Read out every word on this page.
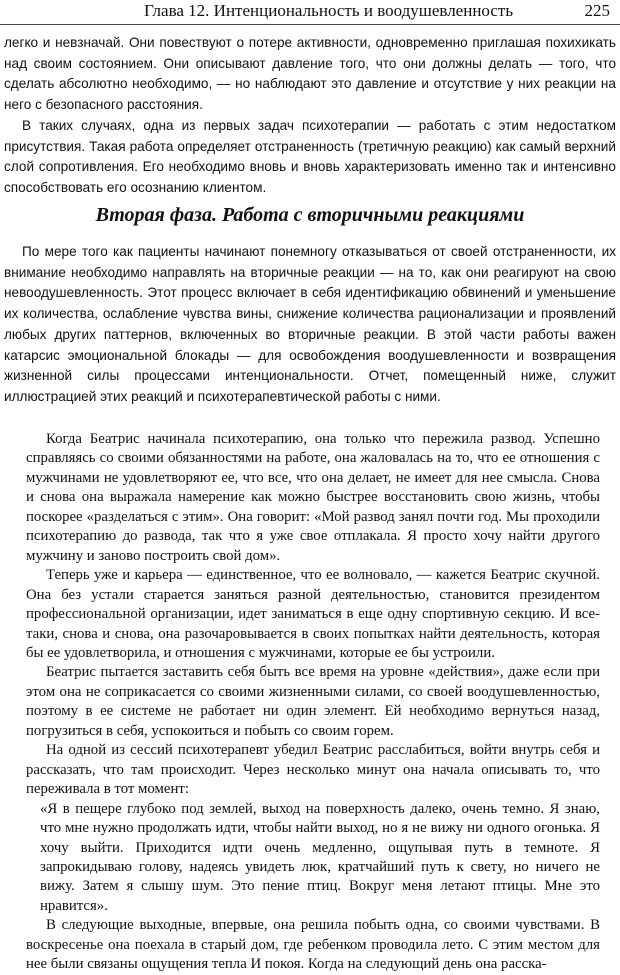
Глава 12. Интенциональность и воодушевленность	225

легко и невзначай. Они повествуют о потере активности, одновременно приглашая похихикать над своим состоянием. Они описывают давление того, что они должны делать — того, что сделать абсолютно необходимо, — но наблюдают это давление и отсутствие у них реакции на него с безопасного расстояния.

В таких случаях, одна из первых задач психотерапии — работать с этим недостатком присутствия. Такая работа определяет отстраненность (третичную реакцию) как самый верхний слой сопротивления. Его необходимо вновь и вновь характеризовать именно так и интенсивно способствовать его осознанию клиентом.

Вторая фаза. Работа с вторичными реакциями

По мере того как пациенты начинают понемногу отказываться от своей отстраненности, их внимание необходимо направлять на вторичные реакции — на то, как они реагируют на свою невоодушевленность. Этот процесс включает в себя идентификацию обвинений и уменьшение их количества, ослабление чувства вины, снижение количества рационализации и проявлений любых других паттернов, включенных во вторичные реакции. В этой части работы важен катарсис эмоциональной блокады — для освобождения воодушевленности и возвращения жизненной силы процессами интенциональности. Отчет, помещенный ниже, служит иллюстрацией этих реакций и психотерапевтической работы с ними.

Когда Беатрис начинала психотерапию, она только что пережила развод. Успешно справляясь со своими обязанностями на работе, она жаловалась на то, что ее отношения с мужчинами не удовлетворяют ее, что все, что она делает, не имеет для нее смысла. Снова и снова она выражала намерение как можно быстрее восстановить свою жизнь, чтобы поскорее «разделаться с этим». Она говорит: «Мой развод занял почти год. Мы проходили психотерапию до развода, так что я уже свое отплакала. Я просто хочу найти другого мужчину и заново построить свой дом».

Теперь уже и карьера — единственное, что ее волновало, — кажется Беатрис скучной. Она без устали старается заняться разной деятельностью, становится президентом профессиональной организации, идет заниматься в еще одну спортивную секцию. И все-таки, снова и снова, она разочаровывается в своих попытках найти деятельность, которая бы ее удовлетворила, и отношения с мужчинами, которые ее бы устроили.

Беатрис пытается заставить себя быть все время на уровне «действия», даже если при этом она не соприкасается со своими жизненными силами, со своей воодушевленностью, поэтому в ее системе не работает ни один элемент. Ей необходимо вернуться назад, погрузиться в себя, успокоиться и побыть со своим горем.

На одной из сессий психотерапевт убедил Беатрис расслабиться, войти внутрь себя и рассказать, что там происходит. Через несколько минут она начала описывать то, что переживала в тот момент:

«Я в пещере глубоко под землей, выход на поверхность далеко, очень темно. Я знаю, что мне нужно продолжать идти, чтобы найти выход, но я не вижу ни одного огонька. Я хочу выйти. Приходится идти очень медленно, ощупывая путь в темноте. Я запрокидываю голову, надеясь увидеть люк, кратчайший путь к свету, но ничего не вижу. Затем я слышу шум. Это пение птиц. Вокруг меня летают птицы. Мне это нравится».

В следующие выходные, впервые, она решила побыть одна, со своими чувствами. В воскресенье она поехала в старый дом, где ребенком проводила лето. С этим местом для нее были связаны ощущения тепла И покоя. Когда на следующий день она расска-
